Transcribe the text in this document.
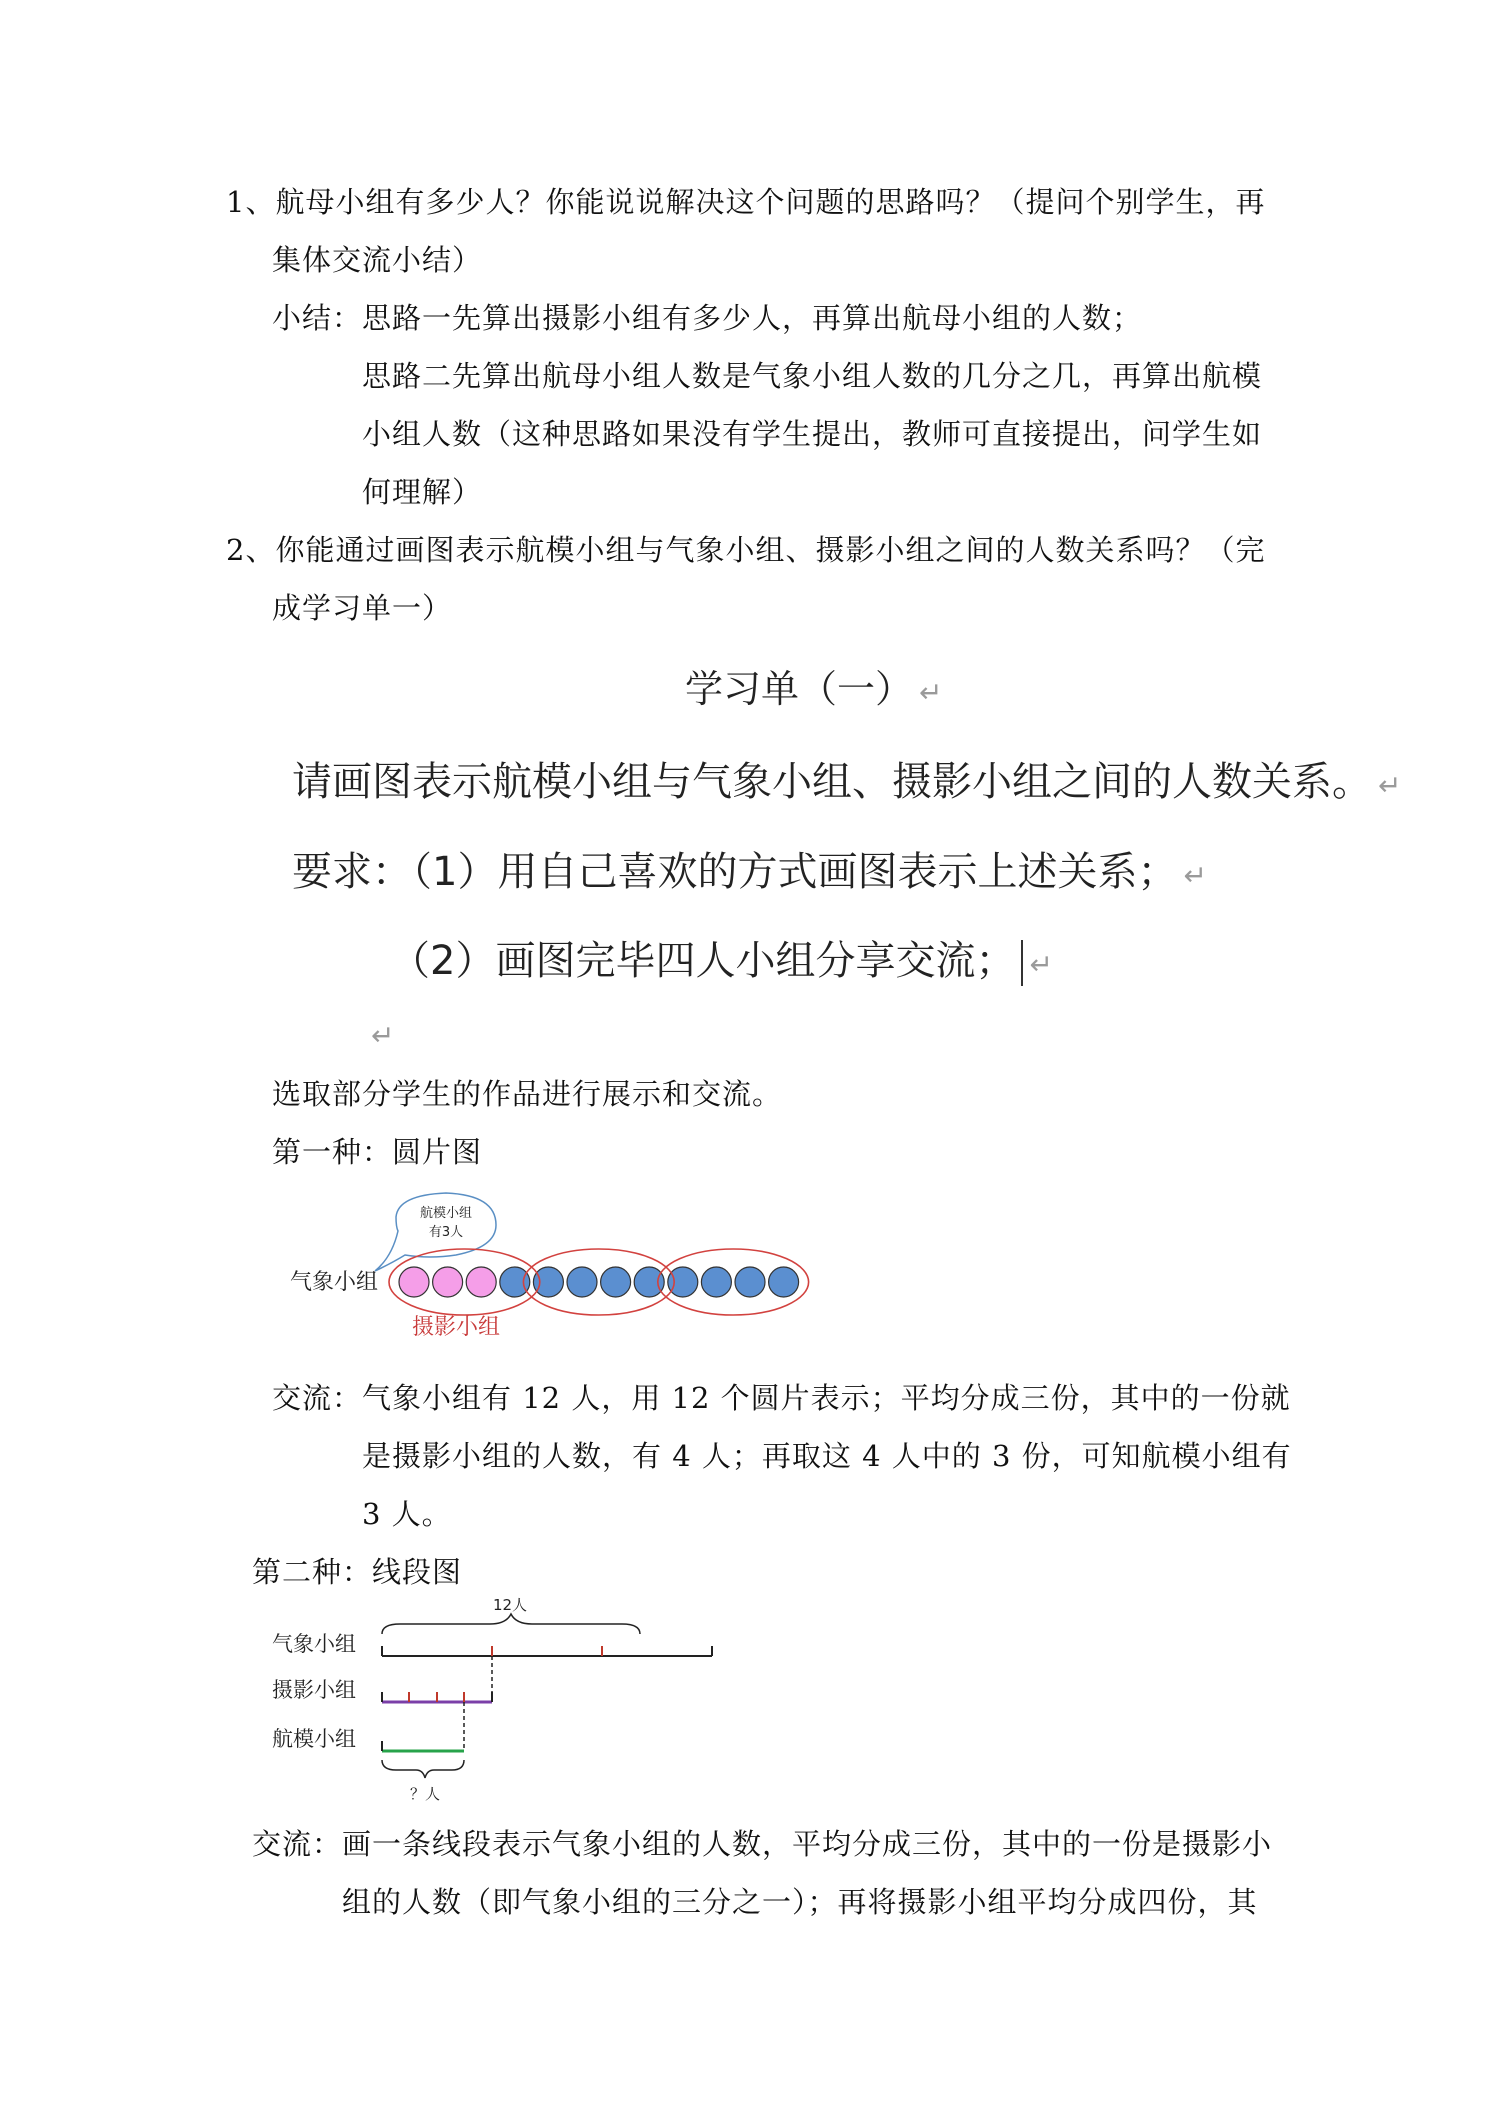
1、航母小组有多少人？你能说说解决这个问题的思路吗？（提问个别学生，再
集体交流小结）
小结： 思路一先算出摄影小组有多少人，再算出航母小组的人数；
思路二先算出航母小组人数是气象小组人数的几分之几，再算出航模
小组人数（这种思路如果没有学生提出，教师可直接提出，问学生如
何理解）
2、你能通过画图表示航模小组与气象小组、摄影小组之间的人数关系吗？（完
成学习单一）
学习单（一） ↵
请画图表示航模小组与气象小组、摄影小组之间的人数关系。 ↵
要求：（1）用自己喜欢的方式画图表示上述关系； ↵
（2）画图完毕四人小组分享交流； ↵
↵
选取部分学生的作品进行展示和交流。
第一种：圆片图
航模小组
有3人
气象小组
摄影小组
交流： 气象小组有 12 人，用 12 个圆片表示；平均分成三份，其中的一份就
是摄影小组的人数，有 4 人；再取这 4 人中的 3 份，可知航模小组有
3 人。
第二种：线段图
12人
气象小组
摄影小组
航模小组
？人
交流： 画一条线段表示气象小组的人数，平均分成三份，其中的一份是摄影小
组的人数（即气象小组的三分之一）；再将摄影小组平均分成四份，其
